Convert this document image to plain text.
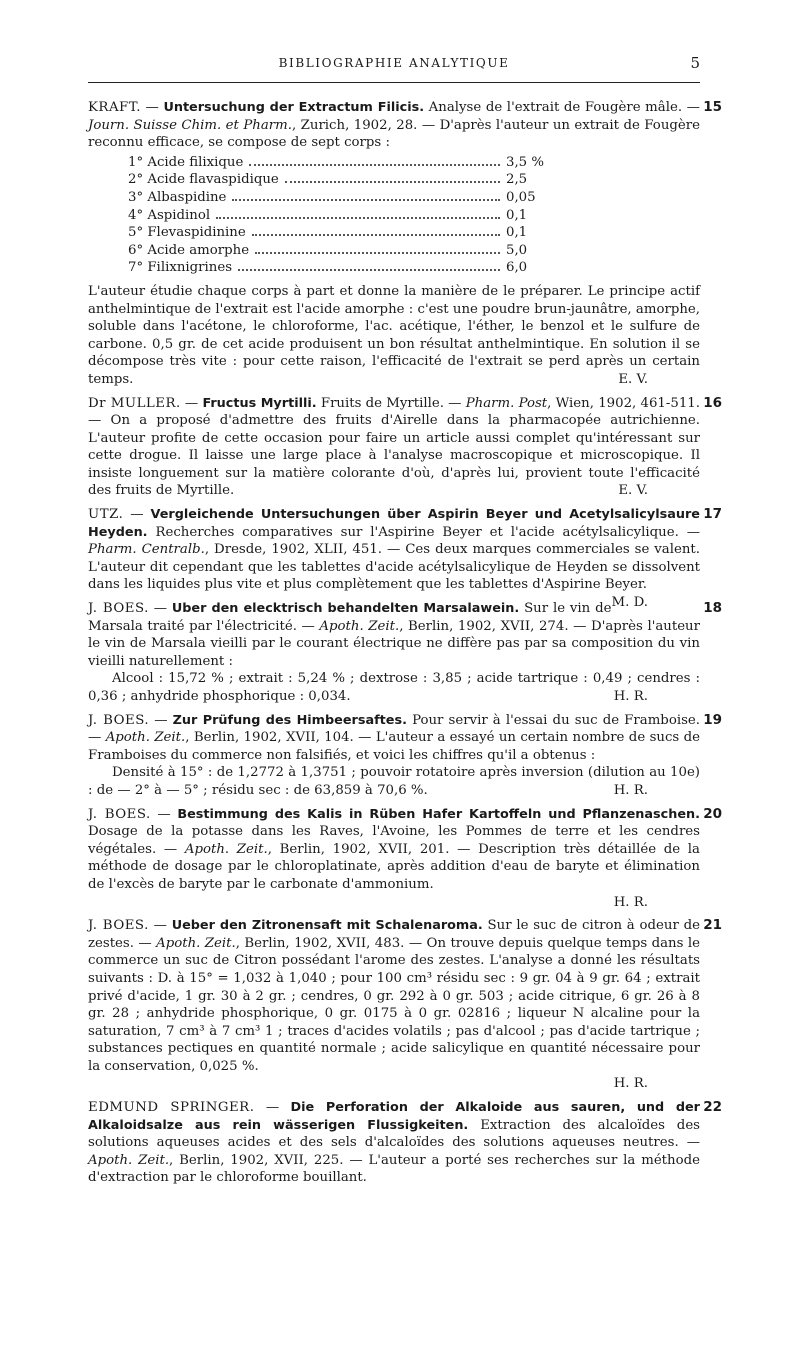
BIBLIOGRAPHIE ANALYTIQUE	5
15

KRAFT. — Untersuchung der Extractum Filicis. Analyse de l'extrait de Fougère mâle. — Journ. Suisse Chim. et Pharm., Zurich, 1902, 28. — D'après l'auteur un extrait de Fougère reconnu efficace, se compose de sept corps :

1° Acide filixique	3,5 %
2° Acide flavaspidique	2,5
3° Albaspidine	0,05
4° Aspidinol	0,1
5° Flevaspidinine	0,1
6° Acide amorphe	5,0
7° Filixnigrines	6,0

L'auteur étudie chaque corps à part et donne la manière de le préparer. Le principe actif anthelmintique de l'extrait est l'acide amorphe : c'est une poudre brun-jaunâtre, amorphe, soluble dans l'acétone, le chloroforme, l'ac. acétique, l'éther, le benzol et le sulfure de carbone. 0,5 gr. de cet acide produisent un bon résultat anthelmintique. En solution il se décompose très vite : pour cette raison, l'efficacité de l'extrait se perd après un certain temps.	E. V.

16

Dr MULLER. — Fructus Myrtilli. Fruits de Myrtille. — Pharm. Post, Wien, 1902, 461-511. — On a proposé d'admettre des fruits d'Airelle dans la pharmacopée autrichienne. L'auteur profite de cette occasion pour faire un article aussi complet qu'intéressant sur cette drogue. Il laisse une large place à l'analyse macroscopique et microscopique. Il insiste longuement sur la matière colorante d'où, d'après lui, provient toute l'efficacité des fruits de Myrtille.	E. V.

17

UTZ. — Vergleichende Untersuchungen über Aspirin Beyer und Acetylsalicylsaure Heyden. Recherches comparatives sur l'Aspirine Beyer et l'acide acétylsalicylique. — Pharm. Centralb., Dresde, 1902, XLII, 451. — Ces deux marques commerciales se valent. L'auteur dit cependant que les tablettes d'acide acétylsalicylique de Heyden se dissolvent dans les liquides plus vite et plus complètement que les tablettes d'Aspirine Beyer.
M. D.	18

J. BOES. — Uber den elecktrisch behandelten Marsalawein. Sur le vin de Marsala traité par l'électricité. — Apoth. Zeit., Berlin, 1902, XVII, 274. — D'après l'auteur le vin de Marsala vieilli par le courant électrique ne diffère pas par sa composition du vin vieilli naturellement :

Alcool : 15,72 % ; extrait : 5,24 % ; dextrose : 3,85 ; acide tartrique : 0,49 ; cendres : 0,36 ; anhydride phosphorique : 0,034.	H. R.

19

J. BOES. — Zur Prüfung des Himbeersaftes. Pour servir à l'essai du suc de Framboise. — Apoth. Zeit., Berlin, 1902, XVII, 104. — L'auteur a essayé un certain nombre de sucs de Framboises du commerce non falsifiés, et voici les chiffres qu'il a obtenus :

Densité à 15° : de 1,2772 à 1,3751 ; pouvoir rotatoire après inversion (dilution au 10e) : de — 2° à — 5° ; résidu sec : de 63,859 à 70,6 %.	H. R.

20

J. BOES. — Bestimmung des Kalis in Rüben Hafer Kartoffeln und Pflanzenaschen. Dosage de la potasse dans les Raves, l'Avoine, les Pommes de terre et les cendres végétales. — Apoth. Zeit., Berlin, 1902, XVII, 201. — Description très détaillée de la méthode de dosage par le chloroplatinate, après addition d'eau de baryte et élimination de l'excès de baryte par le carbonate d'ammonium.

H. R.

21

J. BOES. — Ueber den Zitronensaft mit Schalenaroma. Sur le suc de citron à odeur de zestes. — Apoth. Zeit., Berlin, 1902, XVII, 483. — On trouve depuis quelque temps dans le commerce un suc de Citron possédant l'arome des zestes. L'analyse a donné les résultats suivants : D. à 15° = 1,032 à 1,040 ; pour 100 cm³ résidu sec : 9 gr. 04 à 9 gr. 64 ; extrait privé d'acide, 1 gr. 30 à 2 gr. ; cendres, 0 gr. 292 à 0 gr. 503 ; acide citrique, 6 gr. 26 à 8 gr. 28 ; anhydride phosphorique, 0 gr. 0175 à 0 gr. 02816 ; liqueur N alcaline pour la saturation, 7 cm³ à 7 cm³ 1 ; traces d'acides volatils ; pas d'alcool ; pas d'acide tartrique ; substances pectiques en quantité normale ; acide salicylique en quantité nécessaire pour la conservation, 0,025 %.

H. R.

22

EDMUND SPRINGER. — Die Perforation der Alkaloide aus sauren, und der Alkaloidsalze aus rein wässerigen Flussigkeiten. Extraction des alcaloïdes des solutions aqueuses acides et des sels d'alcaloïdes des solutions aqueuses neutres. — Apoth. Zeit., Berlin, 1902, XVII, 225. — L'auteur a porté ses recherches sur la méthode d'extraction par le chloroforme bouillant.
